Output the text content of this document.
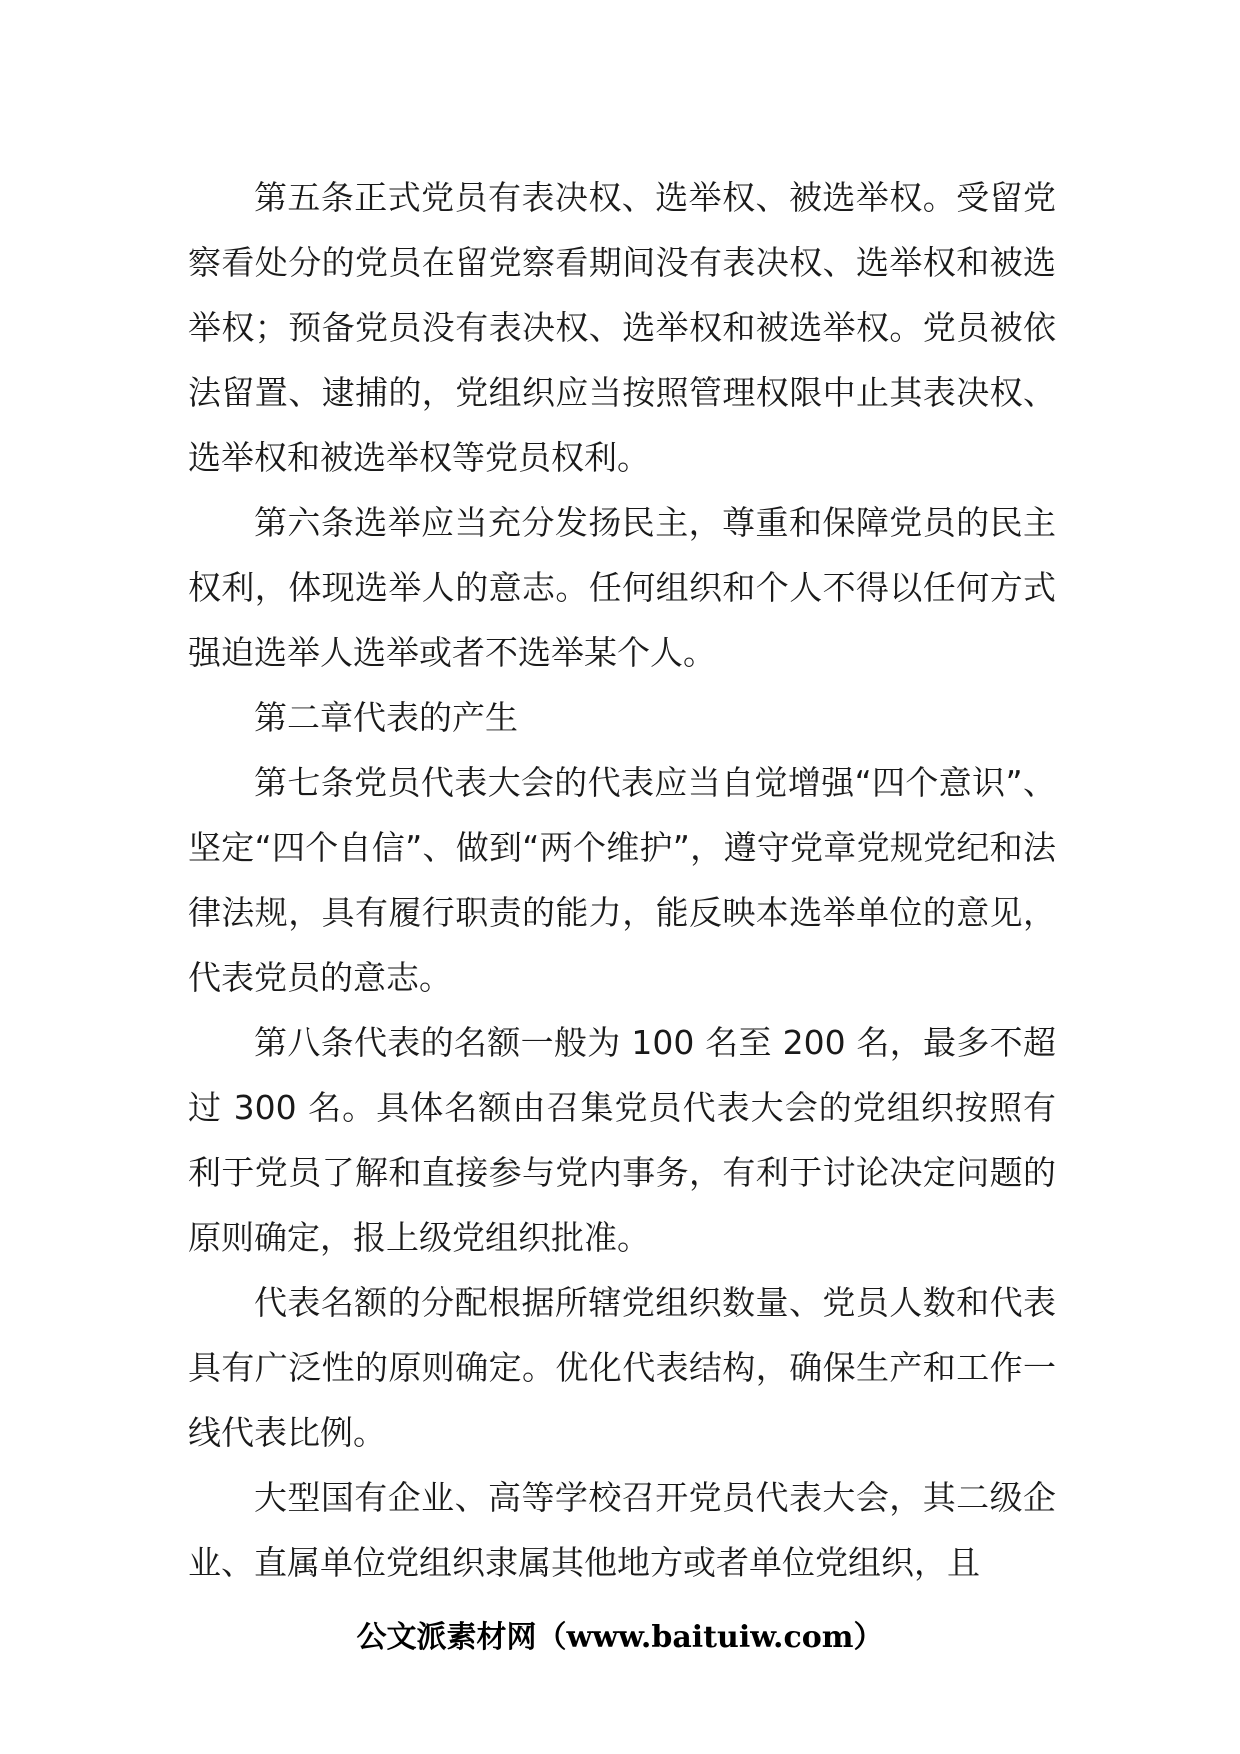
第五条正式党员有表决权、选举权、被选举权。受留党察看处分的党员在留党察看期间没有表决权、选举权和被选举权；预备党员没有表决权、选举权和被选举权。党员被依法留置、逮捕的，党组织应当按照管理权限中止其表决权、选举权和被选举权等党员权利。

第六条选举应当充分发扬民主，尊重和保障党员的民主权利，体现选举人的意志。任何组织和个人不得以任何方式强迫选举人选举或者不选举某个人。

第二章代表的产生

第七条党员代表大会的代表应当自觉增强“四个意识”、坚定“四个自信”、做到“两个维护”，遵守党章党规党纪和法律法规，具有履行职责的能力，能反映本选举单位的意见，代表党员的意志。

第八条代表的名额一般为 100 名至 200 名，最多不超过 300 名。具体名额由召集党员代表大会的党组织按照有利于党员了解和直接参与党内事务，有利于讨论决定问题的原则确定，报上级党组织批准。

代表名额的分配根据所辖党组织数量、党员人数和代表具有广泛性的原则确定。优化代表结构，确保生产和工作一线代表比例。

大型国有企业、高等学校召开党员代表大会，其二级企业、直属单位党组织隶属其他地方或者单位党组织，且

公文派素材网（www.baituiw.com）
